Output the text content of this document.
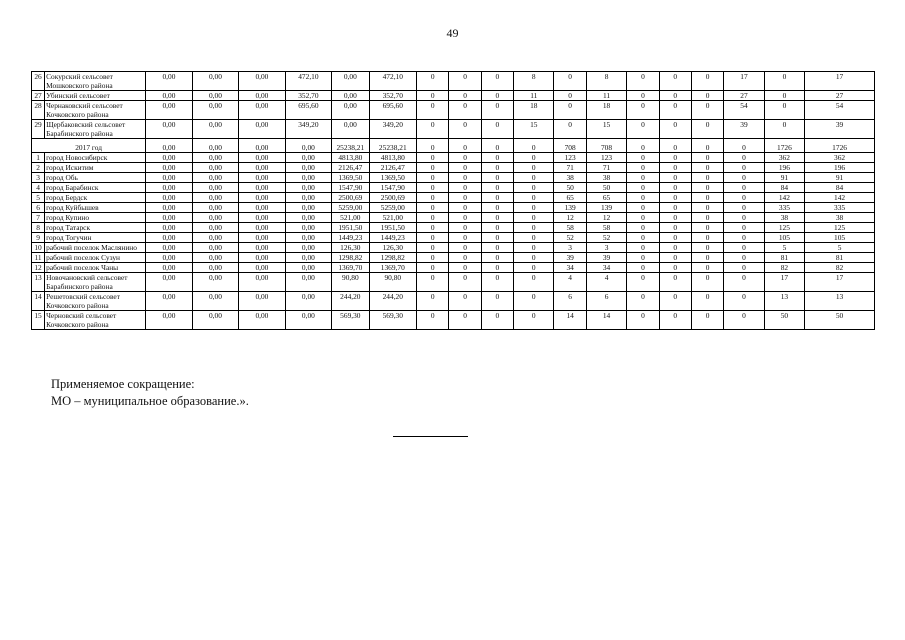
49
26	Сокурский сельсовет Мошковского района	0,00	0,00	0,00	472,10	0,00	472,10	0	0	0	8	0	8	0	0	0	17	0	17
27	Убинский сельсовет	0,00	0,00	0,00	352,70	0,00	352,70	0	0	0	11	0	11	0	0	0	27	0	27
28	Чернаковский сельсовет Кочковского района	0,00	0,00	0,00	695,60	0,00	695,60	0	0	0	18	0	18	0	0	0	54	0	54
29	Щербаковский сельсовет Барабинского района	0,00	0,00	0,00	349,20	0,00	349,20	0	0	0	15	0	15	0	0	0	39	0	39
2017 год		0,00	0,00	0,00	0,00	25238,21	25238,21	0	0	0	0	708	708	0	0	0	0	1726	1726
1	город Новосибирск	0,00	0,00	0,00	0,00	4813,80	4813,80	0	0	0	0	123	123	0	0	0	0	362	362
2	город Искитим	0,00	0,00	0,00	0,00	2126,47	2126,47	0	0	0	0	71	71	0	0	0	0	196	196
3	город Обь	0,00	0,00	0,00	0,00	1369,50	1369,50	0	0	0	0	38	38	0	0	0	0	91	91
4	город Барабинск	0,00	0,00	0,00	0,00	1547,90	1547,90	0	0	0	0	50	50	0	0	0	0	84	84
5	город Бердск	0,00	0,00	0,00	0,00	2500,69	2500,69	0	0	0	0	65	65	0	0	0	0	142	142
6	город Куйбышев	0,00	0,00	0,00	0,00	5259,00	5259,00	0	0	0	0	139	139	0	0	0	0	335	335
7	город Купино	0,00	0,00	0,00	0,00	521,00	521,00	0	0	0	0	12	12	0	0	0	0	38	38
8	город Татарск	0,00	0,00	0,00	0,00	1951,50	1951,50	0	0	0	0	58	58	0	0	0	0	125	125
9	город Тогучин	0,00	0,00	0,00	0,00	1449,23	1449,23	0	0	0	0	52	52	0	0	0	0	105	105
10	рабочий поселок Маслянино	0,00	0,00	0,00	0,00	126,30	126,30	0	0	0	0	3	3	0	0	0	0	5	5
11	рабочий поселок Сузун	0,00	0,00	0,00	0,00	1298,82	1298,82	0	0	0	0	39	39	0	0	0	0	81	81
12	рабочий поселок Чаны	0,00	0,00	0,00	0,00	1369,70	1369,70	0	0	0	0	34	34	0	0	0	0	82	82
13	Новочановский сельсовет Барабинского района	0,00	0,00	0,00	0,00	90,80	90,80	0	0	0	0	4	4	0	0	0	0	17	17
14	Решетовский сельсовет Кочковского района	0,00	0,00	0,00	0,00	244,20	244,20	0	0	0	0	6	6	0	0	0	0	13	13
15	Черновский сельсовет Кочковского района	0,00	0,00	0,00	0,00	569,30	569,30	0	0	0	0	14	14	0	0	0	0	50	50
Применяемое сокращение:
МО – муниципальное образование.».
